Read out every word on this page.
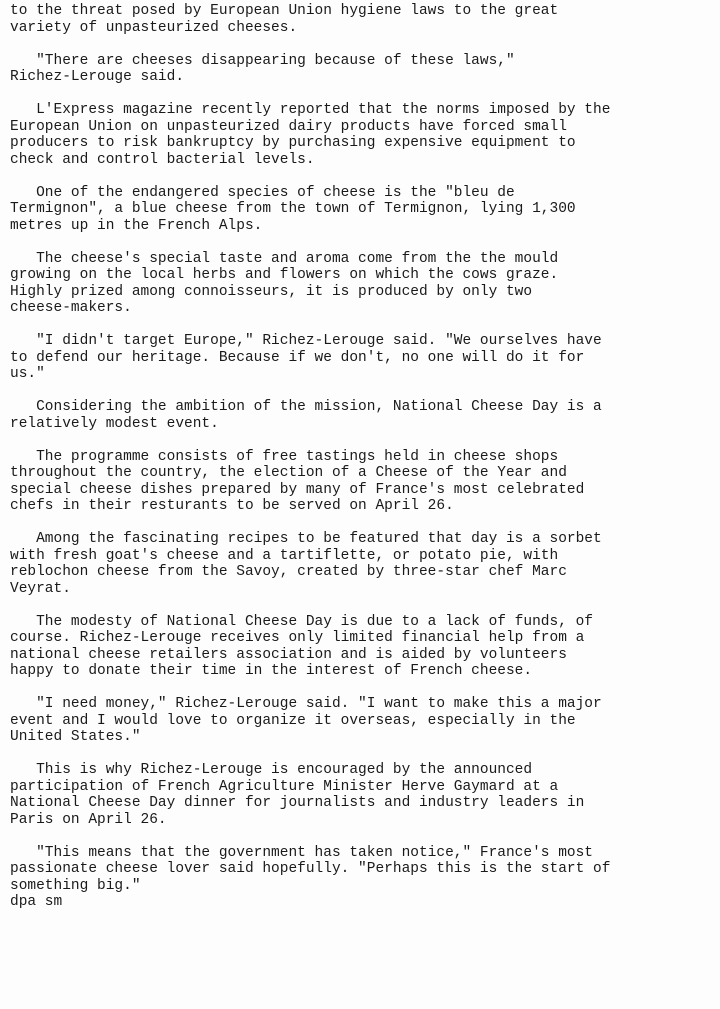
to the threat posed by European Union hygiene laws to the great
variety of unpasteurized cheeses.
"There are cheeses disappearing because of these laws,"
Richez-Lerouge said.
L'Express magazine recently reported that the norms imposed by the
European Union on unpasteurized dairy products have forced small
producers to risk bankruptcy by purchasing expensive equipment to
check and control bacterial levels.
One of the endangered species of cheese is the "bleu de
Termignon", a blue cheese from the town of Termignon, lying 1,300
metres up in the French Alps.
The cheese's special taste and aroma come from the the mould
growing on the local herbs and flowers on which the cows graze.
Highly prized among connoisseurs, it is produced by only two
cheese-makers.
"I didn't target Europe," Richez-Lerouge said. "We ourselves have
to defend our heritage. Because if we don't, no one will do it for
us."
Considering the ambition of the mission, National Cheese Day is a
relatively modest event.
The programme consists of free tastings held in cheese shops
throughout the country, the election of a Cheese of the Year and
special cheese dishes prepared by many of France's most celebrated
chefs in their resturants to be served on April 26.
Among the fascinating recipes to be featured that day is a sorbet
with fresh goat's cheese and a tartiflette, or potato pie, with
reblochon cheese from the Savoy, created by three-star chef Marc
Veyrat.
The modesty of National Cheese Day is due to a lack of funds, of
course. Richez-Lerouge receives only limited financial help from a
national cheese retailers association and is aided by volunteers
happy to donate their time in the interest of French cheese.
"I need money," Richez-Lerouge said. "I want to make this a major
event and I would love to organize it overseas, especially in the
United States."
This is why Richez-Lerouge is encouraged by the announced
participation of French Agriculture Minister Herve Gaymard at a
National Cheese Day dinner for journalists and industry leaders in
Paris on April 26.
"This means that the government has taken notice," France's most
passionate cheese lover said hopefully. "Perhaps this is the start of
something big."
dpa sm
